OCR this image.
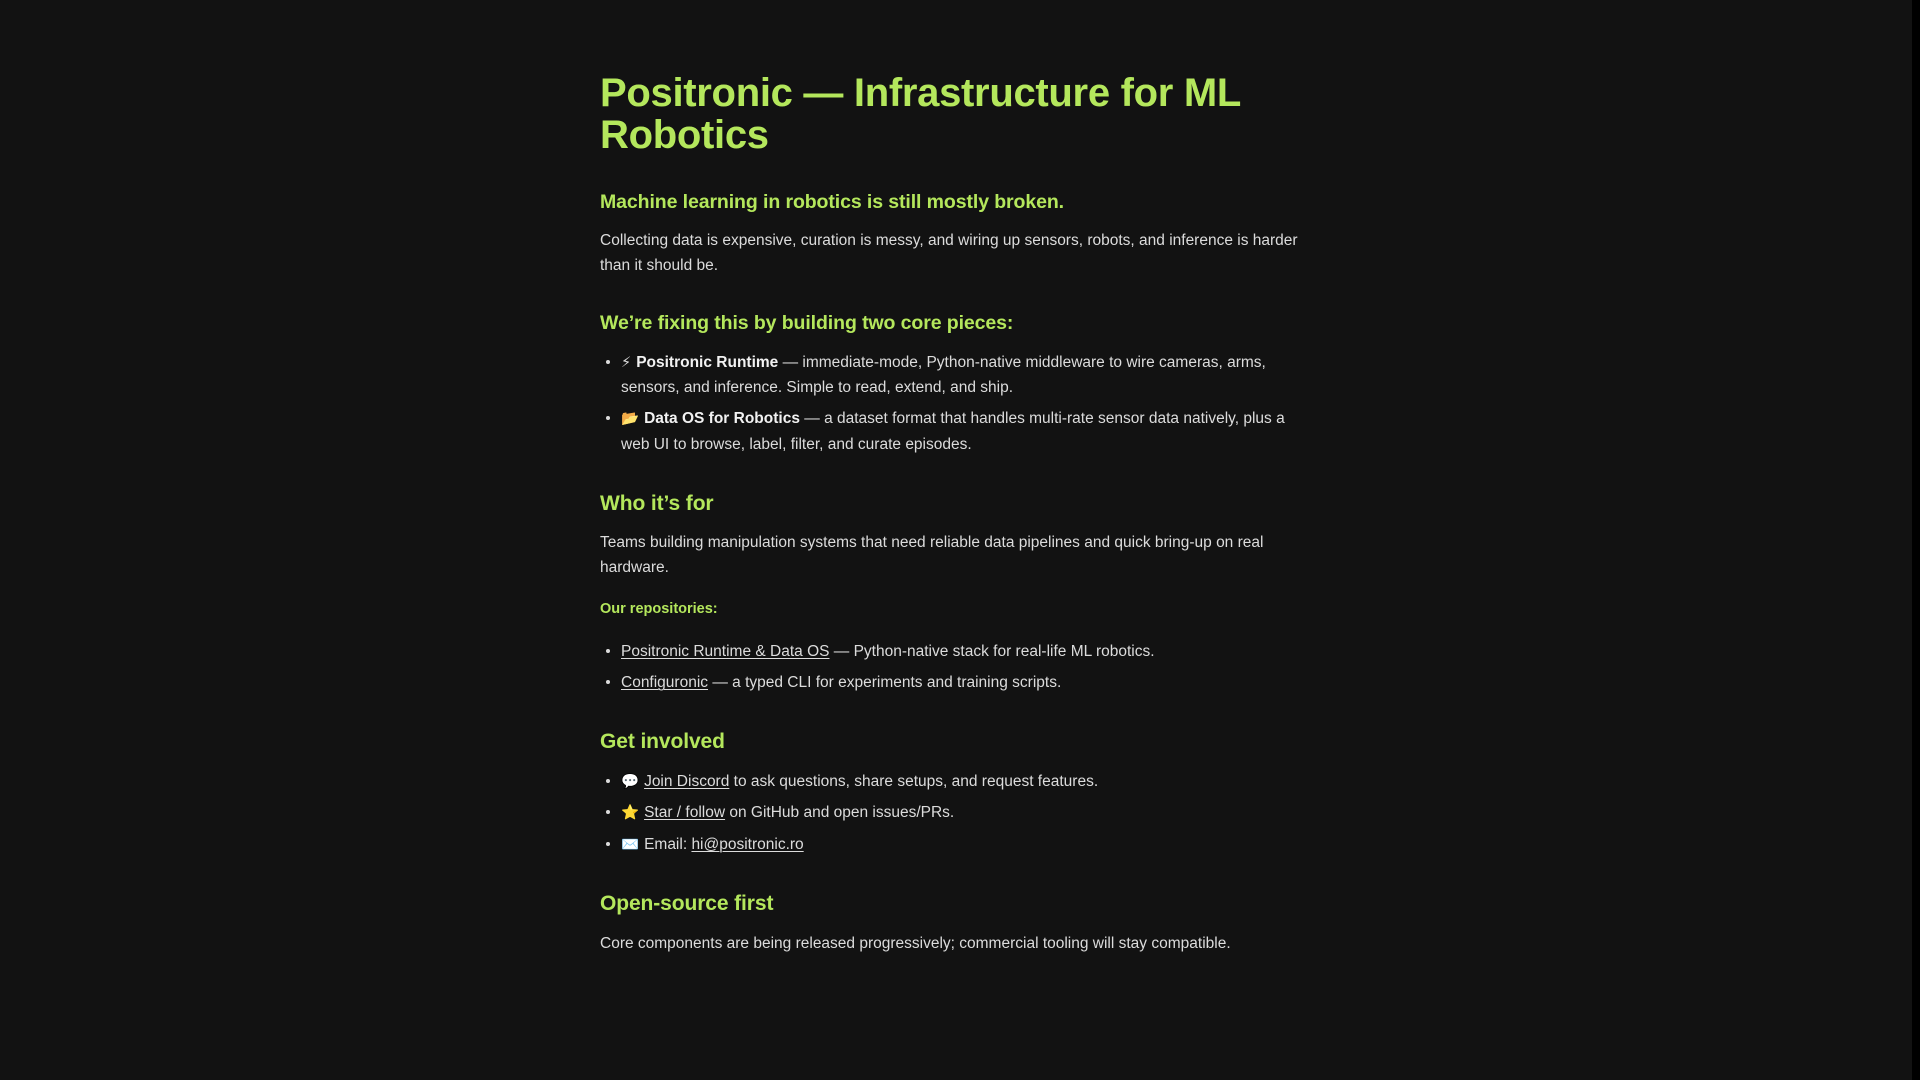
Positronic — Infrastructure for ML Robotics
Machine learning in robotics is still mostly broken.

Collecting data is expensive, curation is messy, and wiring up sensors, robots, and inference is harder than it should be.

We’re fixing this by building two core pieces:
⚡ Positronic Runtime — immediate-mode, Python-native middleware to wire cameras, arms, sensors, and inference. Simple to read, extend, and ship.
📂 Data OS for Robotics — a dataset format that handles multi-rate sensor data natively, plus a web UI to browse, label, filter, and curate episodes.
Who it’s for

Teams building manipulation systems that need reliable data pipelines and quick bring-up on real hardware.

Our repositories:
Positronic Runtime & Data OS — Python-native stack for real-life ML robotics.
Configuronic — a typed CLI for experiments and training scripts.
Get involved
💬 Join Discord to ask questions, share setups, and request features.
⭐ Star / follow on GitHub and open issues/PRs.
✉️ Email: hi@positronic.ro
Open-source first

Core components are being released progressively; commercial tooling will stay compatible.
